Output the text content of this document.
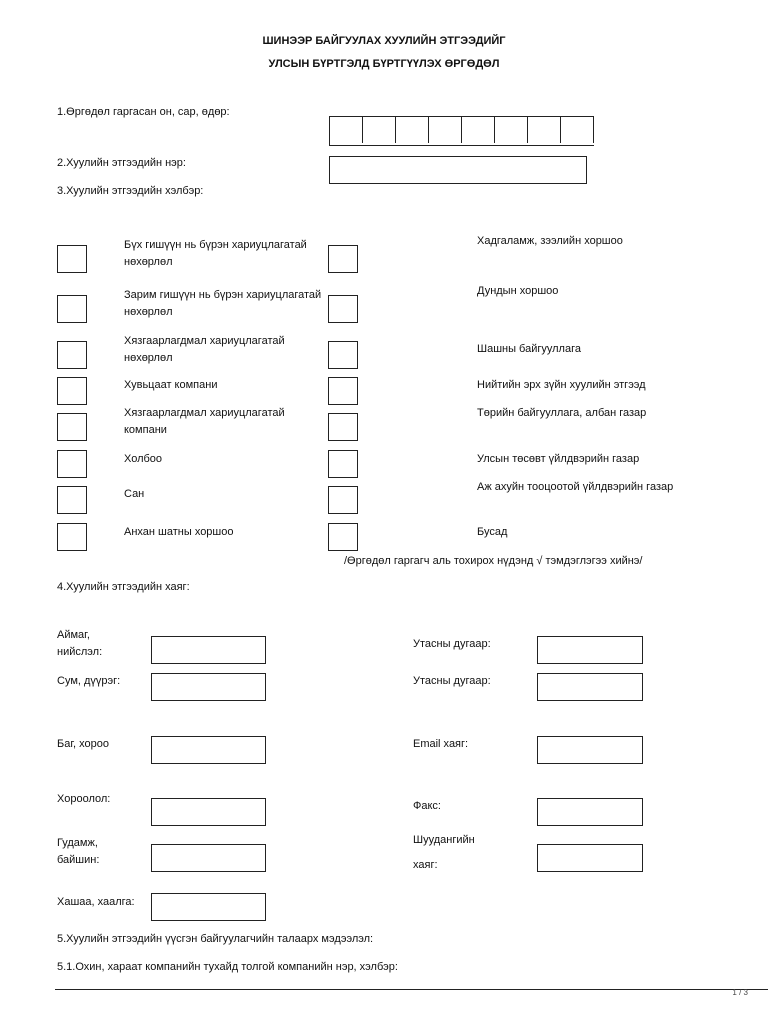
ШИНЭЭР БАЙГУУЛАХ ХУУЛИЙН ЭТГЭЭДИЙГ
УЛСЫН БҮРТГЭЛД БҮРТГҮҮЛЭХ ӨРГӨДӨЛ
1.Өргөдөл гаргасан он, сар, өдөр:
2.Хуулийн этгээдийн нэр:
3.Хуулийн этгээдийн хэлбэр:
Бүх гишүүн нь бүрэн хариуцлагатай нөхөрлөл
Зарим гишүүн нь бүрэн хариуцлагатай нөхөрлөл
Хязгаарлагдмал хариуцлагатай нөхөрлөл
Хувьцаат компани
Хязгаарлагдмал хариуцлагатай компани
Холбоо
Сан
Анхан шатны хоршоо
Хадгаламж, зээлийн хоршоо
Дундын хоршоо
Шашны байгууллага
Нийтийн эрх зүйн хуулийн этгээд
Төрийн байгууллага, албан газар
Улсын төсөвт үйлдвэрийн газар
Аж ахуйн тооцоотой үйлдвэрийн газар
Бусад
/Өргөдөл гаргагч аль тохирох нүдэнд √ тэмдэглэгээ хийнэ/
4.Хуулийн этгээдийн хаяг:
Аймаг,
нийслэл:
Сум, дүүрэг:
Баг, хороо
Хороолол:
Гудамж,
байшин:
Хашаа, хаалга:
Утасны дугаар:
Утасны дугаар:
Email хаяг:
Факс:
Шуудангийн
хаяг:
5.Хуулийн этгээдийн үүсгэн байгуулагчийн талаарх мэдээлэл:
5.1.Охин, хараат компанийн тухайд толгой компанийн нэр, хэлбэр:
1 / 3
